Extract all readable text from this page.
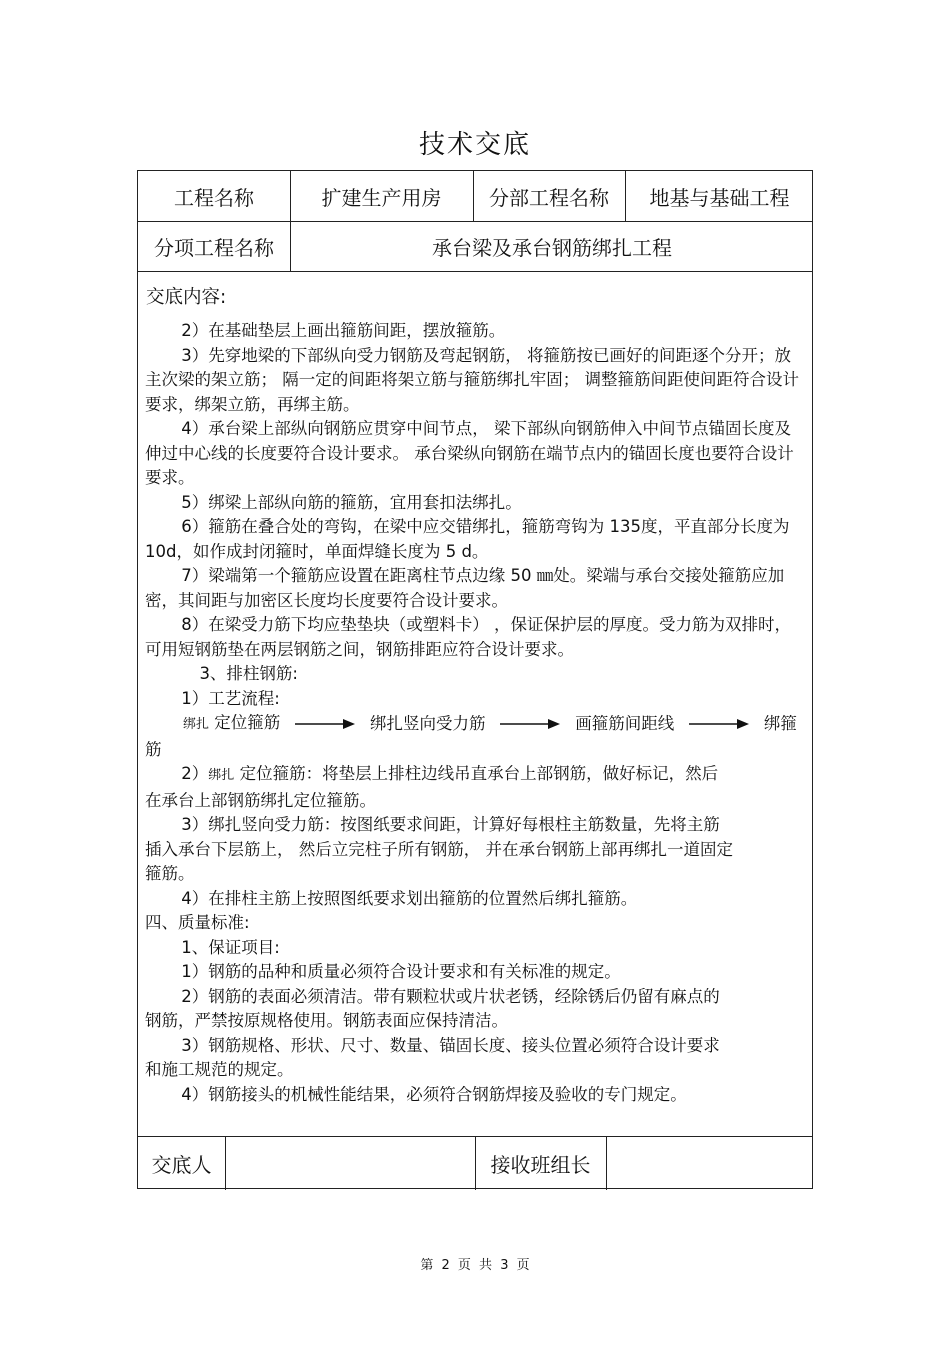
技术交底
工程名称	扩建生产用房	分部工程名称	地基与基础工程
分项工程名称	承台梁及承台钢筋绑扎工程
交底内容:

2）在基础垫层上画出箍筋间距，摆放箍筋。

3）先穿地梁的下部纵向受力钢筋及弯起钢筋， 将箍筋按已画好的间距逐个分开；放主次梁的架立筋； 隔一定的间距将架立筋与箍筋绑扎牢固； 调整箍筋间距使间距符合设计要求，绑架立筋，再绑主筋。

4）承台梁上部纵向钢筋应贯穿中间节点， 梁下部纵向钢筋伸入中间节点锚固长度及伸过中心线的长度要符合设计要求。 承台梁纵向钢筋在端节点内的锚固长度也要符合设计要求。

5）绑梁上部纵向筋的箍筋，宜用套扣法绑扎。

6）箍筋在叠合处的弯钩，在梁中应交错绑扎，箍筋弯钩为 135度，平直部分长度为 10d，如作成封闭箍时，单面焊缝长度为 5 d。

7）梁端第一个箍筋应设置在距离柱节点边缘 50 ㎜处。梁端与承台交接处箍筋应加密，其间距与加密区长度均长度要符合设计要求。

8）在梁受力筋下均应垫垫块（或塑料卡） ，保证保护层的厚度。受力筋为双排时，可用短钢筋垫在两层钢筋之间，钢筋排距应符合设计要求。

3、排柱钢筋:

1）工艺流程:

绑扎 定位箍筋	绑扎竖向受力筋	画箍筋间距线	绑箍

筋

2）绑扎 定位箍筋：将垫层上排柱边线吊直承台上部钢筋，做好标记，然后

在承台上部钢筋绑扎定位箍筋。

3）绑扎竖向受力筋：按图纸要求间距，计算好每根柱主筋数量，先将主筋

插入承台下层筋上， 然后立完柱子所有钢筋， 并在承台钢筋上部再绑扎一道固定

箍筋。

4）在排柱主筋上按照图纸要求划出箍筋的位置然后绑扎箍筋。

四、质量标准:

1、保证项目:

1）钢筋的品种和质量必须符合设计要求和有关标准的规定。

2）钢筋的表面必须清洁。带有颗粒状或片状老锈，经除锈后仍留有麻点的

钢筋，严禁按原规格使用。钢筋表面应保持清洁。

3）钢筋规格、形状、尺寸、数量、锚固长度、接头位置必须符合设计要求

和施工规范的规定。

4）钢筋接头的机械性能结果，必须符合钢筋焊接及验收的专门规定。

交底人	接收班组长
第 2 页 共 3 页
